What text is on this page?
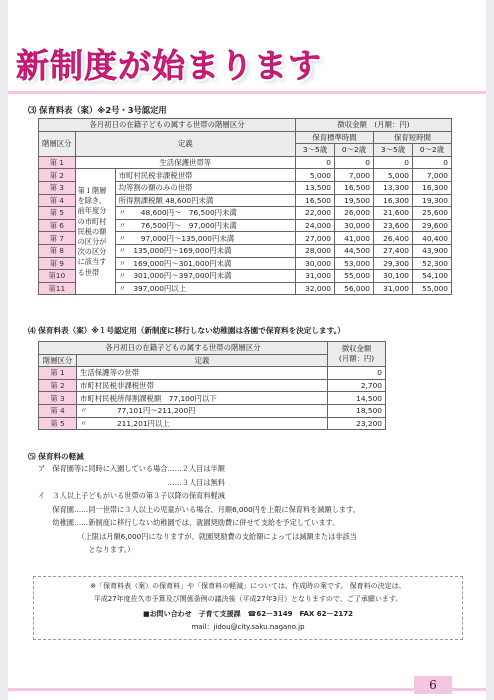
新制度が始まります
⑶ 保育料表（案）※2号・3号認定用
各月初日の在籍子どもの属する世帯の階層区分			徴収金額　(月額：円)			
階層区分	定義		保育標準時間		保育短時間	
			3～5歳	0～2歳	3～5歳	0～2歳
第 1	生活保護世帯等		0	0	0	0
第 2	第１階層を除き、前年度分の市町村民税の額の区分が次の区分に該当する世帯	市町村民税非課税世帯	5,000	7,000	5,000	7,000
第 3		均等割の額のみの世帯	13,500	16,500	13,300	16,300
第 4		所得割課税額 48,600円未満	16,500	19,500	16,300	19,300
第 5		〃　　48,600円～　76,500円未満	22,000	26,000	21,600	25,600
第 6		〃　　76,500円～　97,000円未満	24,000	30,000	23,600	29,600
第 7		〃　　97,000円～135,000円未満	27,000	41,000	26,400	40,400
第 8		〃　135,000円～169,000円未満	28,000	44,500	27,400	43,900
第 9		〃　169,000円～301,000円未満	30,000	53,000	29,300	52,300
第10		〃　301,000円～397,000円未満	31,000	55,000	30,100	54,100
第11		〃　397,000円以上	32,000	56,000	31,000	55,000
⑷ 保育料表（案）※１号認定用（新制度に移行しない幼稚園は各園で保育料を決定します。）
各月初日の在籍子どもの属する世帯の階層区分		徴収金額
(月額：円)

階層区分	定義	
第 1	生活保護等の世帯	0
第 2	市町村民税非課税世帯	2,700
第 3	市町村民税所得割課税額　77,100円以下	14,500
第 4	〃　　　　77,101円～211,200円	18,500
第 5	〃　　　　211,201円以上	23,200
⑸ 保育料の軽減
ア　保育園等に同時に入園している場合……２人目は半額
　　　　　　　　　　　　　　　　　　……３人目は無料
イ　３人以上子どもがいる世帯の第３子以降の保育料軽減
　　保育園……同一世帯に３人以上の児童がいる場合、月額6,000円を上限に保育料を減額します。
　　幼稚園……新制度に移行しない幼稚園では、就園奨励費に併せて支給を予定しています。
　　　　　　（上限は月額6,000円になりますが、就園奨励費の支給額によっては減額または非該当
　　　　　　　となります。）
※「保育料表（案）の保育料」や「保育料の軽減」については、作成時の案です。 保育料の決定は、
平成27年度佐久市予算及び関係条例の議決後（平成27年3月）となりますので、ご了承願います。
■お問い合わせ　子育て支援課　☎62－3149　FAX 62－2172
mail：jidou@city.saku.nagano.jp
6
